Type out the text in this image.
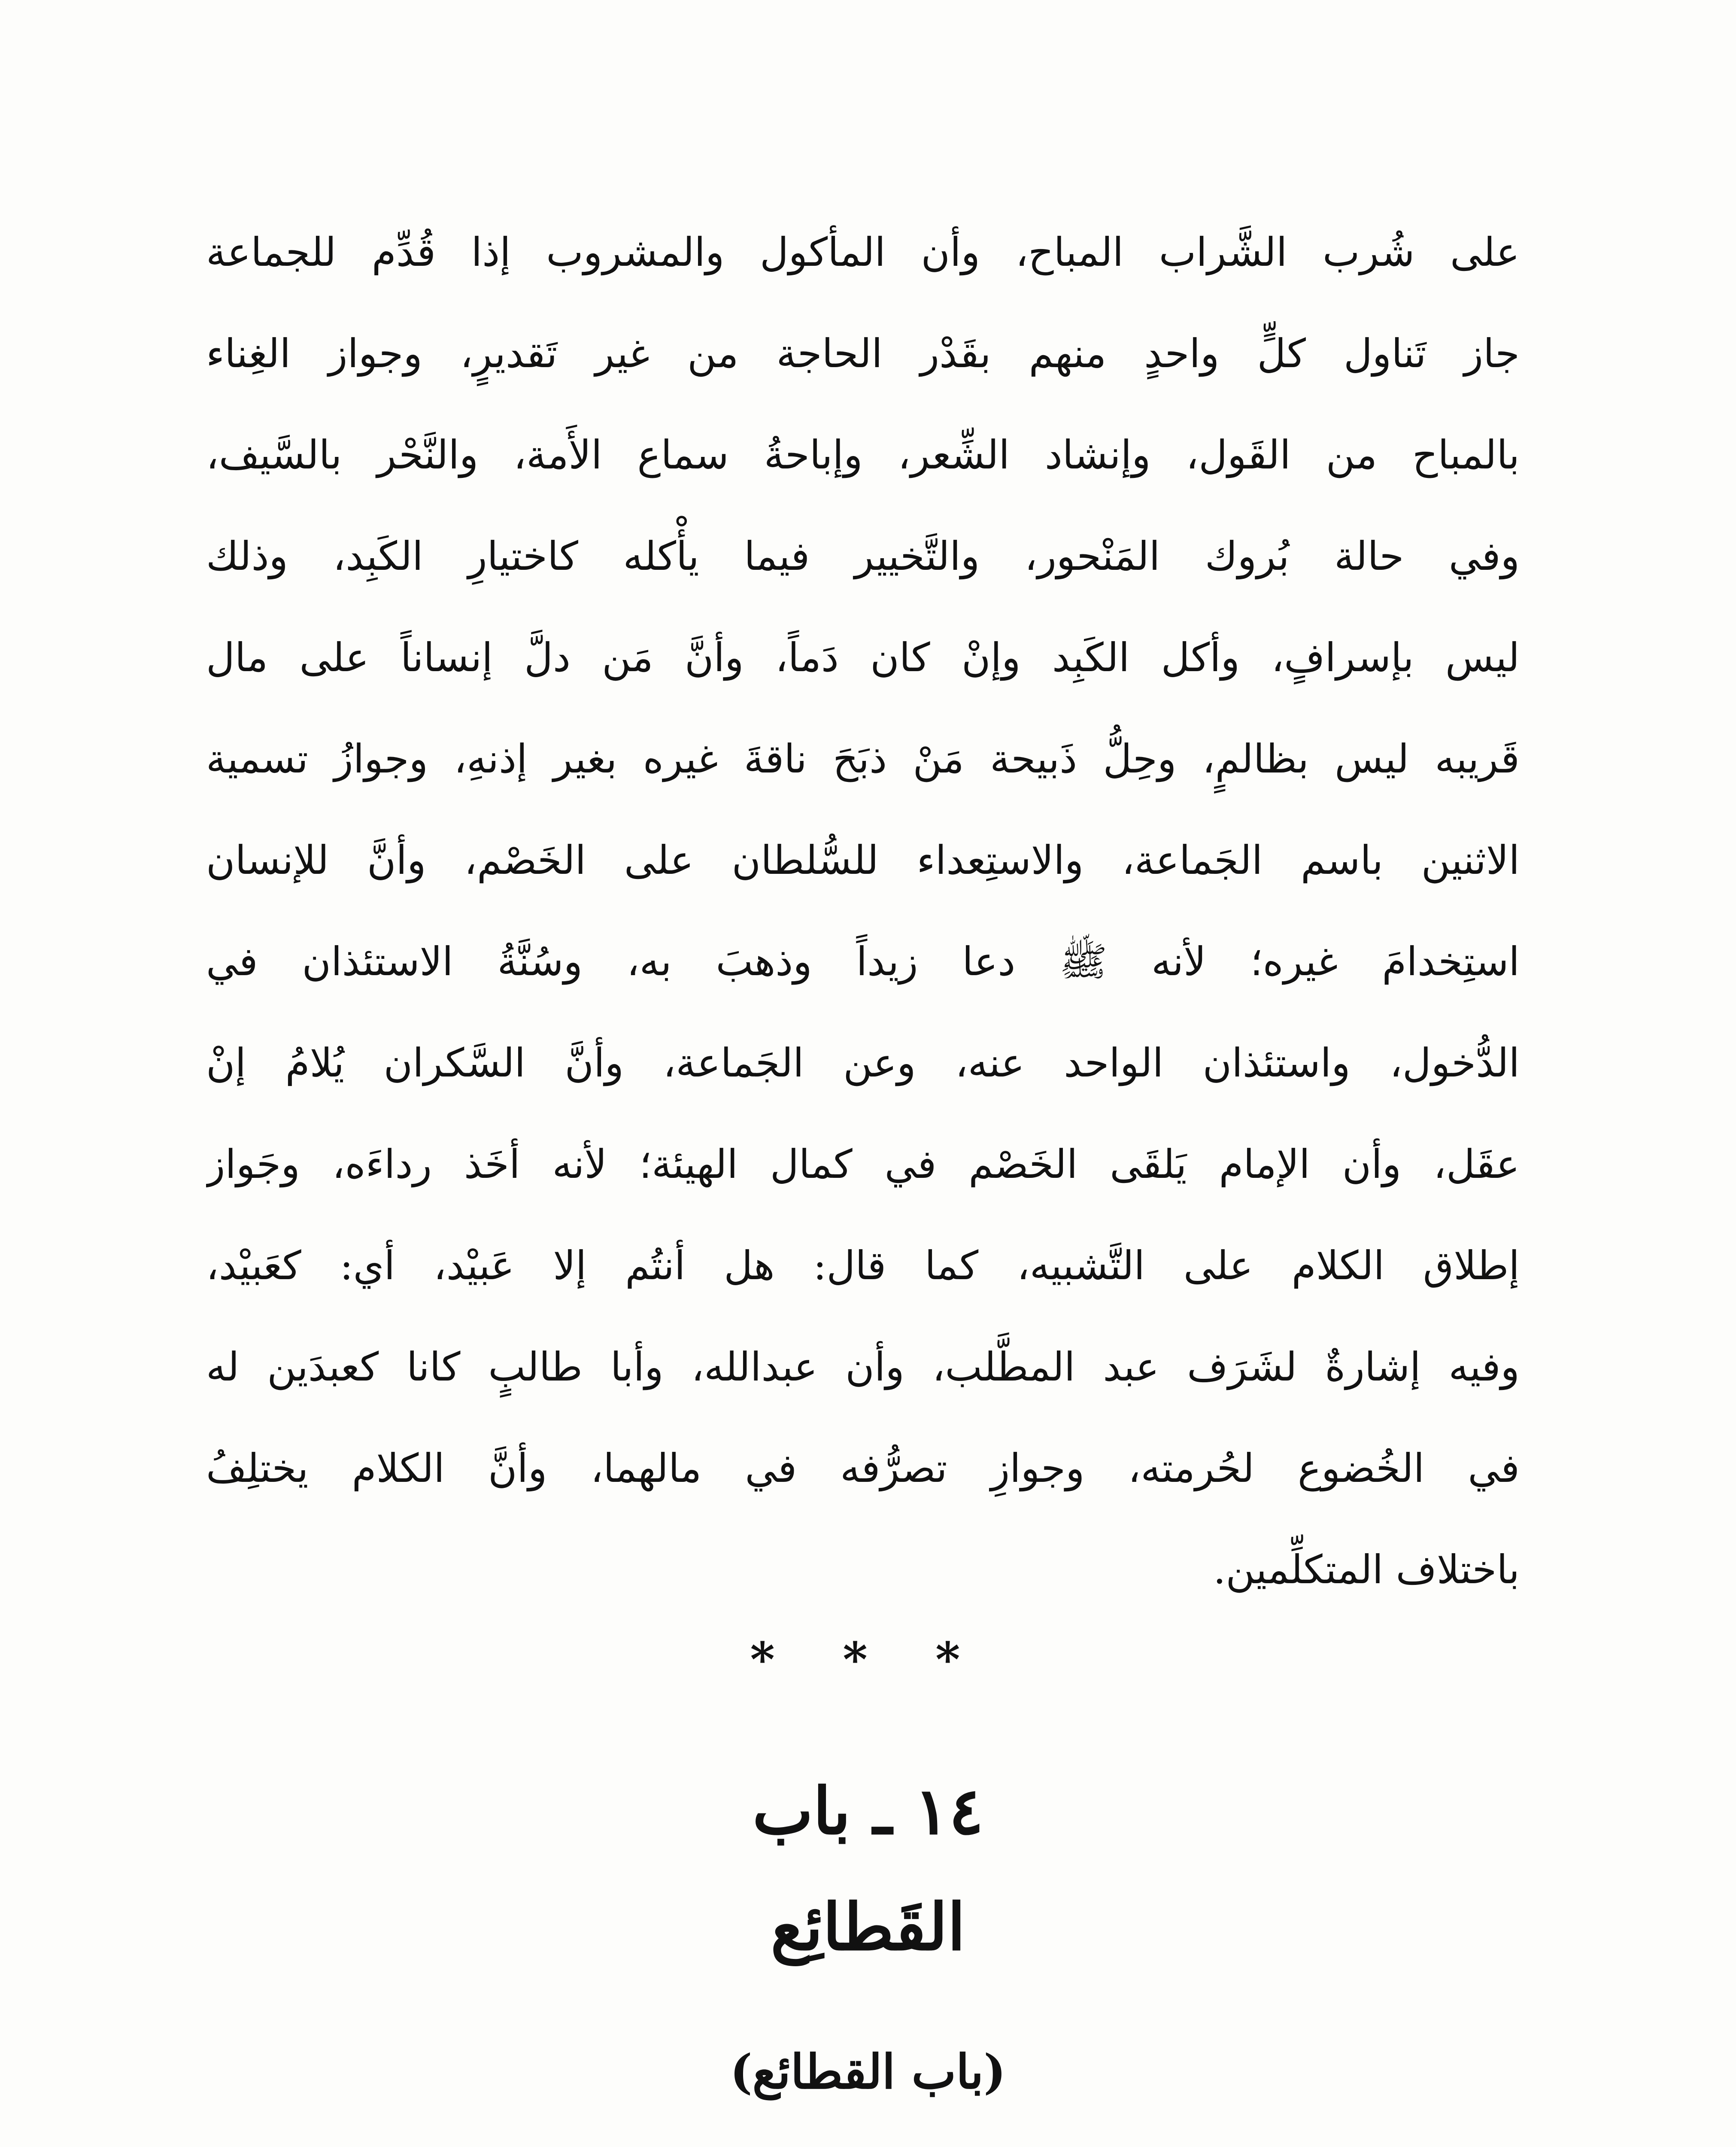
على شُرب الشَّراب المباح، وأن المأكول والمشروب إذا قُدِّم للجماعة
جاز تَناول كلٍّ واحدٍ منهم بقَدْر الحاجة من غير تَقديرٍ، وجواز الغِناء
بالمباح من القَول، وإنشاد الشِّعر، وإباحةُ سماع الأَمة، والنَّحْر بالسَّيف،
وفي حالة بُروك المَنْحور، والتَّخيير فيما يأْكله كاختيارِ الكَبِد، وذلك
ليس بإسرافٍ، وأكل الكَبِد وإنْ كان دَماً، وأنَّ مَن دلَّ إنساناً على مال
قَريبه ليس بظالمٍ، وحِلُّ ذَبيحة مَنْ ذبَحَ ناقةَ غيره بغير إذنهِ، وجوازُ تسمية
الاثنين باسم الجَماعة، والاستِعداء للسُّلطان على الخَصْم، وأنَّ للإنسان
استِخدامَ غيره؛ لأنه ﷺ دعا زيداً وذهبَ به، وسُنَّةُ الاستئذان في
الدُّخول، واستئذان الواحد عنه، وعن الجَماعة، وأنَّ السَّكران يُلامُ إنْ
عقَل، وأن الإمام يَلقَى الخَصْم في كمال الهيئة؛ لأنه أخَذ رداءَه، وجَواز
إطلاق الكلام على التَّشبيه، كما قال: هل أنتُم إلا عَبيْد، أي: كعَبيْد،
وفيه إشارةٌ لشَرَف عبد المطَّلب، وأن عبدالله، وأبا طالبٍ كانا كعبدَين له
في الخُضوع لحُرمته، وجوازِ تصرُّفه في مالهما، وأنَّ الكلام يختلِفُ
باختلاف المتكلِّمين.
* * *
١٤ ـ باب
القَطائِع
(باب القطائع)
